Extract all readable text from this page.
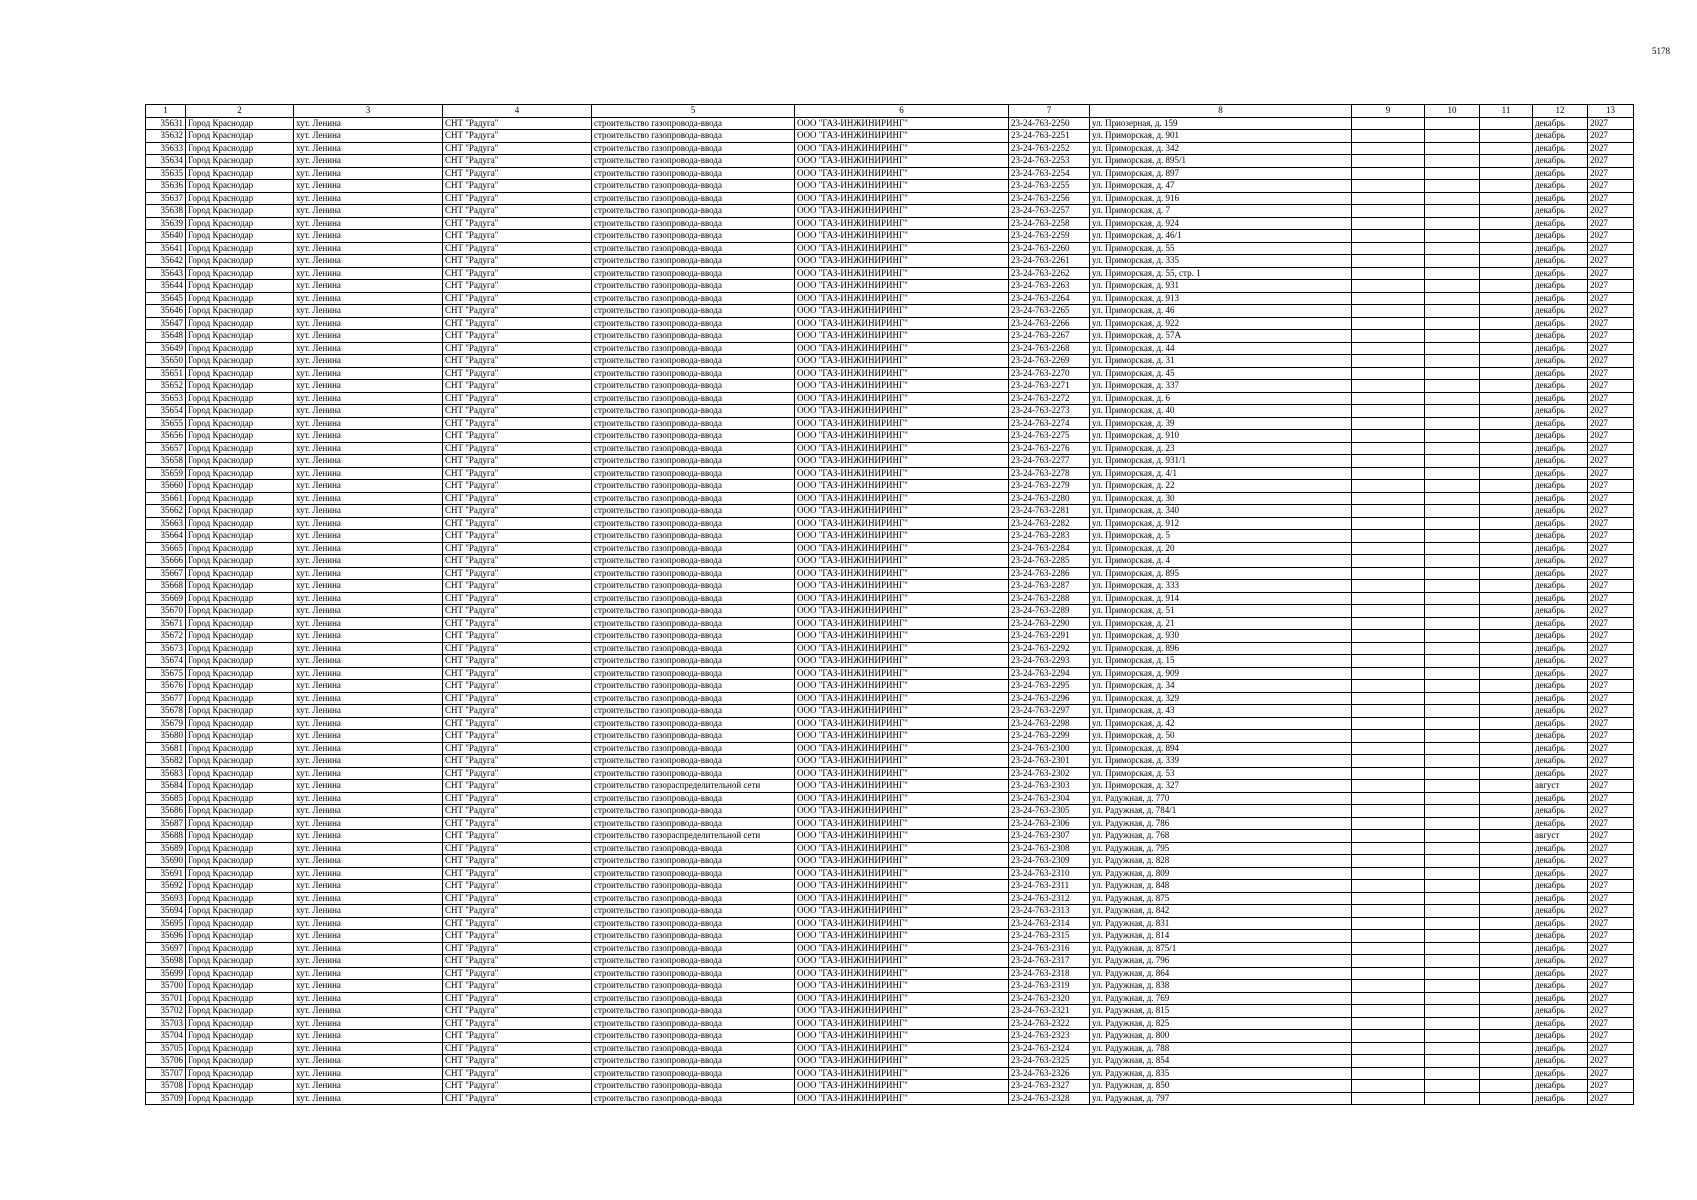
5178
1	2	3	4	5	6	7	8	9	10	11	12	13
35631	Город Краснодар	хут. Ленина	СНТ "Радуга"	строительство газопровода-ввода	ООО "ГАЗ-ИНЖИНИРИНГ"	23-24-763-2250	ул. Приозерная, д. 159				декабрь	2027
35632	Город Краснодар	хут. Ленина	СНТ "Радуга"	строительство газопровода-ввода	ООО "ГАЗ-ИНЖИНИРИНГ"	23-24-763-2251	ул. Приморская, д. 901				декабрь	2027
35633	Город Краснодар	хут. Ленина	СНТ "Радуга"	строительство газопровода-ввода	ООО "ГАЗ-ИНЖИНИРИНГ"	23-24-763-2252	ул. Приморская, д. 342				декабрь	2027
35634	Город Краснодар	хут. Ленина	СНТ "Радуга"	строительство газопровода-ввода	ООО "ГАЗ-ИНЖИНИРИНГ"	23-24-763-2253	ул. Приморская, д. 895/1				декабрь	2027
35635	Город Краснодар	хут. Ленина	СНТ "Радуга"	строительство газопровода-ввода	ООО "ГАЗ-ИНЖИНИРИНГ"	23-24-763-2254	ул. Приморская, д. 897				декабрь	2027
35636	Город Краснодар	хут. Ленина	СНТ "Радуга"	строительство газопровода-ввода	ООО "ГАЗ-ИНЖИНИРИНГ"	23-24-763-2255	ул. Приморская, д. 47				декабрь	2027
35637	Город Краснодар	хут. Ленина	СНТ "Радуга"	строительство газопровода-ввода	ООО "ГАЗ-ИНЖИНИРИНГ"	23-24-763-2256	ул. Приморская, д. 916				декабрь	2027
35638	Город Краснодар	хут. Ленина	СНТ "Радуга"	строительство газопровода-ввода	ООО "ГАЗ-ИНЖИНИРИНГ"	23-24-763-2257	ул. Приморская, д. 7				декабрь	2027
35639	Город Краснодар	хут. Ленина	СНТ "Радуга"	строительство газопровода-ввода	ООО "ГАЗ-ИНЖИНИРИНГ"	23-24-763-2258	ул. Приморская, д. 924				декабрь	2027
35640	Город Краснодар	хут. Ленина	СНТ "Радуга"	строительство газопровода-ввода	ООО "ГАЗ-ИНЖИНИРИНГ"	23-24-763-2259	ул. Приморская, д. 46/1				декабрь	2027
35641	Город Краснодар	хут. Ленина	СНТ "Радуга"	строительство газопровода-ввода	ООО "ГАЗ-ИНЖИНИРИНГ"	23-24-763-2260	ул. Приморская, д. 55				декабрь	2027
35642	Город Краснодар	хут. Ленина	СНТ "Радуга"	строительство газопровода-ввода	ООО "ГАЗ-ИНЖИНИРИНГ"	23-24-763-2261	ул. Приморская, д. 335				декабрь	2027
35643	Город Краснодар	хут. Ленина	СНТ "Радуга"	строительство газопровода-ввода	ООО "ГАЗ-ИНЖИНИРИНГ"	23-24-763-2262	ул. Приморская, д. 55, стр. 1				декабрь	2027
35644	Город Краснодар	хут. Ленина	СНТ "Радуга"	строительство газопровода-ввода	ООО "ГАЗ-ИНЖИНИРИНГ"	23-24-763-2263	ул. Приморская, д. 931				декабрь	2027
35645	Город Краснодар	хут. Ленина	СНТ "Радуга"	строительство газопровода-ввода	ООО "ГАЗ-ИНЖИНИРИНГ"	23-24-763-2264	ул. Приморская, д. 913				декабрь	2027
35646	Город Краснодар	хут. Ленина	СНТ "Радуга"	строительство газопровода-ввода	ООО "ГАЗ-ИНЖИНИРИНГ"	23-24-763-2265	ул. Приморская, д. 46				декабрь	2027
35647	Город Краснодар	хут. Ленина	СНТ "Радуга"	строительство газопровода-ввода	ООО "ГАЗ-ИНЖИНИРИНГ"	23-24-763-2266	ул. Приморская, д. 922				декабрь	2027
35648	Город Краснодар	хут. Ленина	СНТ "Радуга"	строительство газопровода-ввода	ООО "ГАЗ-ИНЖИНИРИНГ"	23-24-763-2267	ул. Приморская, д. 57А				декабрь	2027
35649	Город Краснодар	хут. Ленина	СНТ "Радуга"	строительство газопровода-ввода	ООО "ГАЗ-ИНЖИНИРИНГ"	23-24-763-2268	ул. Приморская, д. 44				декабрь	2027
35650	Город Краснодар	хут. Ленина	СНТ "Радуга"	строительство газопровода-ввода	ООО "ГАЗ-ИНЖИНИРИНГ"	23-24-763-2269	ул. Приморская, д. 31				декабрь	2027
35651	Город Краснодар	хут. Ленина	СНТ "Радуга"	строительство газопровода-ввода	ООО "ГАЗ-ИНЖИНИРИНГ"	23-24-763-2270	ул. Приморская, д. 45				декабрь	2027
35652	Город Краснодар	хут. Ленина	СНТ "Радуга"	строительство газопровода-ввода	ООО "ГАЗ-ИНЖИНИРИНГ"	23-24-763-2271	ул. Приморская, д. 337				декабрь	2027
35653	Город Краснодар	хут. Ленина	СНТ "Радуга"	строительство газопровода-ввода	ООО "ГАЗ-ИНЖИНИРИНГ"	23-24-763-2272	ул. Приморская, д. 6				декабрь	2027
35654	Город Краснодар	хут. Ленина	СНТ "Радуга"	строительство газопровода-ввода	ООО "ГАЗ-ИНЖИНИРИНГ"	23-24-763-2273	ул. Приморская, д. 40				декабрь	2027
35655	Город Краснодар	хут. Ленина	СНТ "Радуга"	строительство газопровода-ввода	ООО "ГАЗ-ИНЖИНИРИНГ"	23-24-763-2274	ул. Приморская, д. 39				декабрь	2027
35656	Город Краснодар	хут. Ленина	СНТ "Радуга"	строительство газопровода-ввода	ООО "ГАЗ-ИНЖИНИРИНГ"	23-24-763-2275	ул. Приморская, д. 910				декабрь	2027
35657	Город Краснодар	хут. Ленина	СНТ "Радуга"	строительство газопровода-ввода	ООО "ГАЗ-ИНЖИНИРИНГ"	23-24-763-2276	ул. Приморская, д. 23				декабрь	2027
35658	Город Краснодар	хут. Ленина	СНТ "Радуга"	строительство газопровода-ввода	ООО "ГАЗ-ИНЖИНИРИНГ"	23-24-763-2277	ул. Приморская, д. 931/1				декабрь	2027
35659	Город Краснодар	хут. Ленина	СНТ "Радуга"	строительство газопровода-ввода	ООО "ГАЗ-ИНЖИНИРИНГ"	23-24-763-2278	ул. Приморская, д. 4/1				декабрь	2027
35660	Город Краснодар	хут. Ленина	СНТ "Радуга"	строительство газопровода-ввода	ООО "ГАЗ-ИНЖИНИРИНГ"	23-24-763-2279	ул. Приморская, д. 22				декабрь	2027
35661	Город Краснодар	хут. Ленина	СНТ "Радуга"	строительство газопровода-ввода	ООО "ГАЗ-ИНЖИНИРИНГ"	23-24-763-2280	ул. Приморская, д. 30				декабрь	2027
35662	Город Краснодар	хут. Ленина	СНТ "Радуга"	строительство газопровода-ввода	ООО "ГАЗ-ИНЖИНИРИНГ"	23-24-763-2281	ул. Приморская, д. 340				декабрь	2027
35663	Город Краснодар	хут. Ленина	СНТ "Радуга"	строительство газопровода-ввода	ООО "ГАЗ-ИНЖИНИРИНГ"	23-24-763-2282	ул. Приморская, д. 912				декабрь	2027
35664	Город Краснодар	хут. Ленина	СНТ "Радуга"	строительство газопровода-ввода	ООО "ГАЗ-ИНЖИНИРИНГ"	23-24-763-2283	ул. Приморская, д. 5				декабрь	2027
35665	Город Краснодар	хут. Ленина	СНТ "Радуга"	строительство газопровода-ввода	ООО "ГАЗ-ИНЖИНИРИНГ"	23-24-763-2284	ул. Приморская, д. 20				декабрь	2027
35666	Город Краснодар	хут. Ленина	СНТ "Радуга"	строительство газопровода-ввода	ООО "ГАЗ-ИНЖИНИРИНГ"	23-24-763-2285	ул. Приморская, д. 4				декабрь	2027
35667	Город Краснодар	хут. Ленина	СНТ "Радуга"	строительство газопровода-ввода	ООО "ГАЗ-ИНЖИНИРИНГ"	23-24-763-2286	ул. Приморская, д. 895				декабрь	2027
35668	Город Краснодар	хут. Ленина	СНТ "Радуга"	строительство газопровода-ввода	ООО "ГАЗ-ИНЖИНИРИНГ"	23-24-763-2287	ул. Приморская, д. 333				декабрь	2027
35669	Город Краснодар	хут. Ленина	СНТ "Радуга"	строительство газопровода-ввода	ООО "ГАЗ-ИНЖИНИРИНГ"	23-24-763-2288	ул. Приморская, д. 914				декабрь	2027
35670	Город Краснодар	хут. Ленина	СНТ "Радуга"	строительство газопровода-ввода	ООО "ГАЗ-ИНЖИНИРИНГ"	23-24-763-2289	ул. Приморская, д. 51				декабрь	2027
35671	Город Краснодар	хут. Ленина	СНТ "Радуга"	строительство газопровода-ввода	ООО "ГАЗ-ИНЖИНИРИНГ"	23-24-763-2290	ул. Приморская, д. 21				декабрь	2027
35672	Город Краснодар	хут. Ленина	СНТ "Радуга"	строительство газопровода-ввода	ООО "ГАЗ-ИНЖИНИРИНГ"	23-24-763-2291	ул. Приморская, д. 930				декабрь	2027
35673	Город Краснодар	хут. Ленина	СНТ "Радуга"	строительство газопровода-ввода	ООО "ГАЗ-ИНЖИНИРИНГ"	23-24-763-2292	ул. Приморская, д. 896				декабрь	2027
35674	Город Краснодар	хут. Ленина	СНТ "Радуга"	строительство газопровода-ввода	ООО "ГАЗ-ИНЖИНИРИНГ"	23-24-763-2293	ул. Приморская, д. 15				декабрь	2027
35675	Город Краснодар	хут. Ленина	СНТ "Радуга"	строительство газопровода-ввода	ООО "ГАЗ-ИНЖИНИРИНГ"	23-24-763-2294	ул. Приморская, д. 909				декабрь	2027
35676	Город Краснодар	хут. Ленина	СНТ "Радуга"	строительство газопровода-ввода	ООО "ГАЗ-ИНЖИНИРИНГ"	23-24-763-2295	ул. Приморская, д. 34				декабрь	2027
35677	Город Краснодар	хут. Ленина	СНТ "Радуга"	строительство газопровода-ввода	ООО "ГАЗ-ИНЖИНИРИНГ"	23-24-763-2296	ул. Приморская, д. 329				декабрь	2027
35678	Город Краснодар	хут. Ленина	СНТ "Радуга"	строительство газопровода-ввода	ООО "ГАЗ-ИНЖИНИРИНГ"	23-24-763-2297	ул. Приморская, д. 43				декабрь	2027
35679	Город Краснодар	хут. Ленина	СНТ "Радуга"	строительство газопровода-ввода	ООО "ГАЗ-ИНЖИНИРИНГ"	23-24-763-2298	ул. Приморская, д. 42				декабрь	2027
35680	Город Краснодар	хут. Ленина	СНТ "Радуга"	строительство газопровода-ввода	ООО "ГАЗ-ИНЖИНИРИНГ"	23-24-763-2299	ул. Приморская, д. 50				декабрь	2027
35681	Город Краснодар	хут. Ленина	СНТ "Радуга"	строительство газопровода-ввода	ООО "ГАЗ-ИНЖИНИРИНГ"	23-24-763-2300	ул. Приморская, д. 894				декабрь	2027
35682	Город Краснодар	хут. Ленина	СНТ "Радуга"	строительство газопровода-ввода	ООО "ГАЗ-ИНЖИНИРИНГ"	23-24-763-2301	ул. Приморская, д. 339				декабрь	2027
35683	Город Краснодар	хут. Ленина	СНТ "Радуга"	строительство газопровода-ввода	ООО "ГАЗ-ИНЖИНИРИНГ"	23-24-763-2302	ул. Приморская, д. 53				декабрь	2027
35684	Город Краснодар	хут. Ленина	СНТ "Радуга"	строительство газораспределительной сети	ООО "ГАЗ-ИНЖИНИРИНГ"	23-24-763-2303	ул. Приморская, д. 327				август	2027
35685	Город Краснодар	хут. Ленина	СНТ "Радуга"	строительство газопровода-ввода	ООО "ГАЗ-ИНЖИНИРИНГ"	23-24-763-2304	ул. Радужная, д. 770				декабрь	2027
35686	Город Краснодар	хут. Ленина	СНТ "Радуга"	строительство газопровода-ввода	ООО "ГАЗ-ИНЖИНИРИНГ"	23-24-763-2305	ул. Радужная, д. 784/1				декабрь	2027
35687	Город Краснодар	хут. Ленина	СНТ "Радуга"	строительство газопровода-ввода	ООО "ГАЗ-ИНЖИНИРИНГ"	23-24-763-2306	ул. Радужная, д. 786				декабрь	2027
35688	Город Краснодар	хут. Ленина	СНТ "Радуга"	строительство газораспределительной сети	ООО "ГАЗ-ИНЖИНИРИНГ"	23-24-763-2307	ул. Радужная, д. 768				август	2027
35689	Город Краснодар	хут. Ленина	СНТ "Радуга"	строительство газопровода-ввода	ООО "ГАЗ-ИНЖИНИРИНГ"	23-24-763-2308	ул. Радужная, д. 795				декабрь	2027
35690	Город Краснодар	хут. Ленина	СНТ "Радуга"	строительство газопровода-ввода	ООО "ГАЗ-ИНЖИНИРИНГ"	23-24-763-2309	ул. Радужная, д. 828				декабрь	2027
35691	Город Краснодар	хут. Ленина	СНТ "Радуга"	строительство газопровода-ввода	ООО "ГАЗ-ИНЖИНИРИНГ"	23-24-763-2310	ул. Радужная, д. 809				декабрь	2027
35692	Город Краснодар	хут. Ленина	СНТ "Радуга"	строительство газопровода-ввода	ООО "ГАЗ-ИНЖИНИРИНГ"	23-24-763-2311	ул. Радужная, д. 848				декабрь	2027
35693	Город Краснодар	хут. Ленина	СНТ "Радуга"	строительство газопровода-ввода	ООО "ГАЗ-ИНЖИНИРИНГ"	23-24-763-2312	ул. Радужная, д. 875				декабрь	2027
35694	Город Краснодар	хут. Ленина	СНТ "Радуга"	строительство газопровода-ввода	ООО "ГАЗ-ИНЖИНИРИНГ"	23-24-763-2313	ул. Радужная, д. 842				декабрь	2027
35695	Город Краснодар	хут. Ленина	СНТ "Радуга"	строительство газопровода-ввода	ООО "ГАЗ-ИНЖИНИРИНГ"	23-24-763-2314	ул. Радужная, д. 831				декабрь	2027
35696	Город Краснодар	хут. Ленина	СНТ "Радуга"	строительство газопровода-ввода	ООО "ГАЗ-ИНЖИНИРИНГ"	23-24-763-2315	ул. Радужная, д. 814				декабрь	2027
35697	Город Краснодар	хут. Ленина	СНТ "Радуга"	строительство газопровода-ввода	ООО "ГАЗ-ИНЖИНИРИНГ"	23-24-763-2316	ул. Радужная, д. 875/1				декабрь	2027
35698	Город Краснодар	хут. Ленина	СНТ "Радуга"	строительство газопровода-ввода	ООО "ГАЗ-ИНЖИНИРИНГ"	23-24-763-2317	ул. Радужная, д. 796				декабрь	2027
35699	Город Краснодар	хут. Ленина	СНТ "Радуга"	строительство газопровода-ввода	ООО "ГАЗ-ИНЖИНИРИНГ"	23-24-763-2318	ул. Радужная, д. 864				декабрь	2027
35700	Город Краснодар	хут. Ленина	СНТ "Радуга"	строительство газопровода-ввода	ООО "ГАЗ-ИНЖИНИРИНГ"	23-24-763-2319	ул. Радужная, д. 838				декабрь	2027
35701	Город Краснодар	хут. Ленина	СНТ "Радуга"	строительство газопровода-ввода	ООО "ГАЗ-ИНЖИНИРИНГ"	23-24-763-2320	ул. Радужная, д. 769				декабрь	2027
35702	Город Краснодар	хут. Ленина	СНТ "Радуга"	строительство газопровода-ввода	ООО "ГАЗ-ИНЖИНИРИНГ"	23-24-763-2321	ул. Радужная, д. 815				декабрь	2027
35703	Город Краснодар	хут. Ленина	СНТ "Радуга"	строительство газопровода-ввода	ООО "ГАЗ-ИНЖИНИРИНГ"	23-24-763-2322	ул. Радужная, д. 825				декабрь	2027
35704	Город Краснодар	хут. Ленина	СНТ "Радуга"	строительство газопровода-ввода	ООО "ГАЗ-ИНЖИНИРИНГ"	23-24-763-2323	ул. Радужная, д. 800				декабрь	2027
35705	Город Краснодар	хут. Ленина	СНТ "Радуга"	строительство газопровода-ввода	ООО "ГАЗ-ИНЖИНИРИНГ"	23-24-763-2324	ул. Радужная, д. 788				декабрь	2027
35706	Город Краснодар	хут. Ленина	СНТ "Радуга"	строительство газопровода-ввода	ООО "ГАЗ-ИНЖИНИРИНГ"	23-24-763-2325	ул. Радужная, д. 854				декабрь	2027
35707	Город Краснодар	хут. Ленина	СНТ "Радуга"	строительство газопровода-ввода	ООО "ГАЗ-ИНЖИНИРИНГ"	23-24-763-2326	ул. Радужная, д. 835				декабрь	2027
35708	Город Краснодар	хут. Ленина	СНТ "Радуга"	строительство газопровода-ввода	ООО "ГАЗ-ИНЖИНИРИНГ"	23-24-763-2327	ул. Радужная, д. 850				декабрь	2027
35709	Город Краснодар	хут. Ленина	СНТ "Радуга"	строительство газопровода-ввода	ООО "ГАЗ-ИНЖИНИРИНГ"	23-24-763-2328	ул. Радужная, д. 797				декабрь	2027
